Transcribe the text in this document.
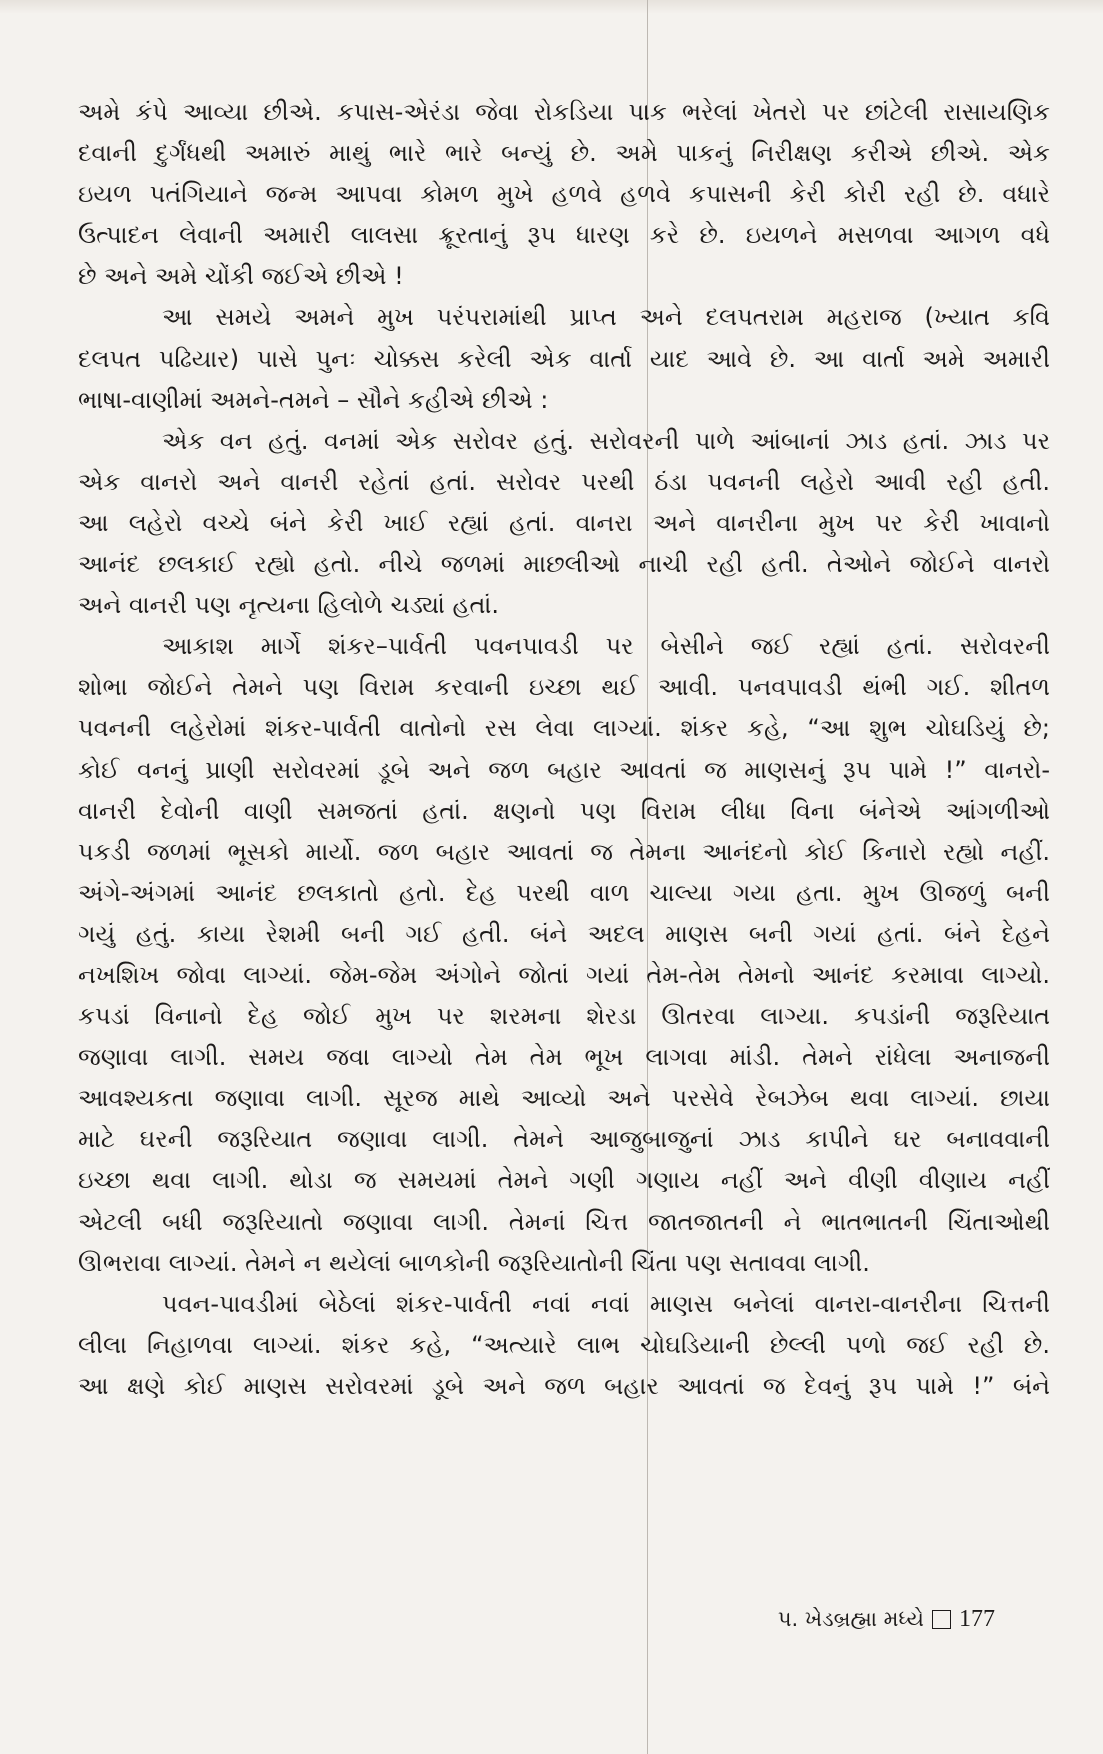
અમે કંપે આવ્યા છીએ. કપાસ-એરંડા જેવા રોકડિયા પાક ભરેલાં ખેતરો પર છાંટેલી રાસાયણિક
દવાની દુર્ગંધથી અમારું માથું ભારે ભારે બન્યું છે. અમે પાકનું નિરીક્ષણ કરીએ છીએ. એક
ઇયળ પતંગિયાને જન્મ આપવા કોમળ મુખે હળવે હળવે કપાસની કેરી કોરી રહી છે. વધારે
ઉત્પાદન લેવાની અમારી લાલસા ક્રૂરતાનું રૂપ ધારણ કરે છે. ઇયળને મસળવા આગળ વધે
છે અને અમે ચોંકી જઈએ છીએ !
આ સમયે અમને મુખ પરંપરામાંથી પ્રાપ્ત અને દલપતરામ મહરાજ (ખ્યાત કવિ
દલપત પઢિયાર) પાસે પુનઃ ચોક્કસ કરેલી એક વાર્તા યાદ આવે છે. આ વાર્તા અમે અમારી
ભાષા-વાણીમાં અમને-તમને – સૌને કહીએ છીએ :
એક વન હતું. વનમાં એક સરોવર હતું. સરોવરની પાળે આંબાનાં ઝાડ હતાં. ઝાડ પર
એક વાનરો અને વાનરી રહેતાં હતાં. સરોવર પરથી ઠંડા પવનની લહેરો આવી રહી હતી.
આ લહેરો વચ્ચે બંને કેરી ખાઈ રહ્યાં હતાં. વાનરા અને વાનરીના મુખ પર કેરી ખાવાનો
આનંદ છલકાઈ રહ્યો હતો. નીચે જળમાં માછલીઓ નાચી રહી હતી. તેઓને જોઈને વાનરો
અને વાનરી પણ નૃત્યના હિલોળે ચડ્યાં હતાં.
આકાશ માર્ગે શંકર–પાર્વતી પવનપાવડી પર બેસીને જઈ રહ્યાં હતાં. સરોવરની
શોભા જોઈને તેમને પણ વિરામ કરવાની ઇચ્છા થઈ આવી. પનવપાવડી થંભી ગઈ. શીતળ
પવનની લહેરોમાં શંકર-પાર્વતી વાતોનો રસ લેવા લાગ્યાં. શંકર કહે, “આ શુભ ચોઘડિયું છે;
કોઈ વનનું પ્રાણી સરોવરમાં ડૂબે અને જળ બહાર આવતાં જ માણસનું રૂપ પામે !” વાનરો-
વાનરી દેવોની વાણી સમજતાં હતાં. ક્ષણનો પણ વિરામ લીધા વિના બંનેએ આંગળીઓ
પકડી જળમાં ભૂસકો માર્યો. જળ બહાર આવતાં જ તેમના આનંદનો કોઈ કિનારો રહ્યો નહીં.
અંગે-અંગમાં આનંદ છલકાતો હતો. દેહ પરથી વાળ ચાલ્યા ગયા હતા. મુખ ઊજળું બની
ગયું હતું. કાયા રેશમી બની ગઈ હતી. બંને અદલ માણસ બની ગયાં હતાં. બંને દેહને
નખશિખ જોવા લાગ્યાં. જેમ-જેમ અંગોને જોતાં ગયાં તેમ-તેમ તેમનો આનંદ કરમાવા લાગ્યો.
કપડાં વિનાનો દેહ જોઈ મુખ પર શરમના શેરડા ઊતરવા લાગ્યા. કપડાંની જરૂરિયાત
જણાવા લાગી. સમય જવા લાગ્યો તેમ તેમ ભૂખ લાગવા માંડી. તેમને રાંધેલા અનાજની
આવશ્યકતા જણાવા લાગી. સૂરજ માથે આવ્યો અને પરસેવે રેબઝેબ થવા લાગ્યાં. છાયા
માટે ઘરની જરૂરિયાત જણાવા લાગી. તેમને આજુબાજુનાં ઝાડ કાપીને ઘર બનાવવાની
ઇચ્છા થવા લાગી. થોડા જ સમયમાં તેમને ગણી ગણાય નહીં અને વીણી વીણાય નહીં
એટલી બધી જરૂરિયાતો જણાવા લાગી. તેમનાં ચિત્ત જાતજાતની ને ભાતભાતની ચિંતાઓથી
ઊભરાવા લાગ્યાં. તેમને ન થયેલાં બાળકોની જરૂરિયાતોની ચિંતા પણ સતાવવા લાગી.
પવન-પાવડીમાં બેઠેલાં શંકર-પાર્વતી નવાં નવાં માણસ બનેલાં વાનરા-વાનરીના ચિત્તની
લીલા નિહાળવા લાગ્યાં. શંકર કહે, “અત્યારે લાભ ચોઘડિયાની છેલ્લી પળો જઈ રહી છે.
આ ક્ષણે કોઈ માણસ સરોવરમાં ડૂબે અને જળ બહાર આવતાં જ દેવનું રૂપ પામે !” બંને
પ. ખેડબ્રહ્મા મધ્યે 177
